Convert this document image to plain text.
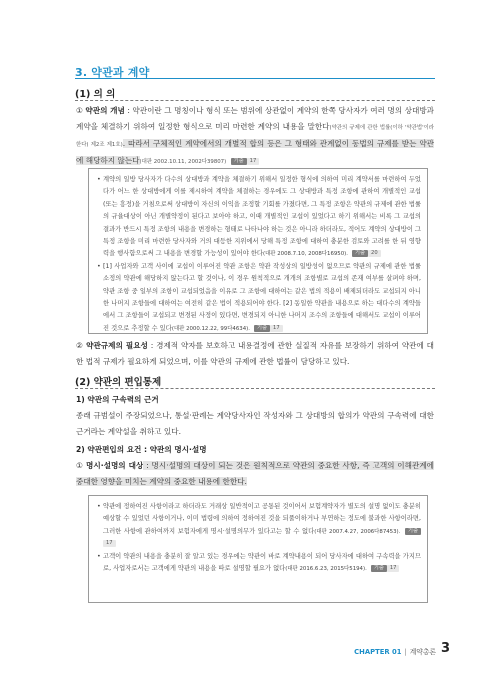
3. 약관과 계약
(1) 의 의
① 약관의 개념 : 약관이란 그 명칭이나 형식 또는 범위에 상관없이 계약의 한쪽 당사자가 여러 명의 상대방과 계약을 체결하기 위하여 일정한 형식으로 미리 마련한 계약의 내용을 말한다(약관의 규제에 관한 법률(이하 '약관법'이라 한다) 제2조 제1호). 따라서 구체적인 계약에서의 개별적 합의 등은 그 형태와 관계없이 동법의 규제를 받는 약관에 해당하지 않는다(대판 2002.10.11, 2002다39807) 기출 17
• 계약의 일방 당사자가 다수의 상대방과 계약을 체결하기 위해서 일정한 형식에 의하여 미리 계약서를 마련하여 두었다가 어느 한 상대방에게 이를 제시하여 계약을 체결하는 경우에도 그 상대방과 특정 조항에 관하여 개별적인 교섭(또는 흥정)을 거침으로써 상대방이 자신의 이익을 조정할 기회를 가졌다면, 그 특정 조항은 약관의 규제에 관한 법률의 규율대상이 아닌 개별약정이 된다고 보아야 하고, 이때 개별적인 교섭이 있었다고 하기 위해서는 비록 그 교섭의 결과가 반드시 특정 조항의 내용을 변경하는 형태로 나타나야 하는 것은 아니라 하더라도, 적어도 계약의 상대방이 그 특정 조항을 미리 마련한 당사자와 거의 대등한 지위에서 당해 특정 조항에 대하여 충분한 검토와 고려를 한 뒤 영향력을 행사함으로써 그 내용을 변경할 가능성이 있어야 한다(대판 2008.7.10, 2008다16950). 기출 20
• [1] 사업자와 고객 사이에 교섭이 이루어진 약관 조항은 약관 작성상의 일방성이 없으므로 약관의 규제에 관한 법률 소정의 약관에 해당하지 않는다고 할 것이나, 이 경우 원칙적으로 개개의 조항별로 교섭의 존재 여부를 살펴야 하며, 약관 조항 중 일부의 조항이 교섭되었음을 이유로 그 조항에 대하여는 같은 법의 적용이 배제되더라도 교섭되지 아니한 나머지 조항들에 대하여는 여전히 같은 법이 적용되어야 한다. [2] 동일한 약관을 내용으로 하는 대다수의 계약들에서 그 조항들이 교섭되고 변경된 사정이 있다면, 변경되지 아니한 나머지 조수의 조항들에 대해서도 교섭이 이루어진 것으로 추정할 수 있다(대판 2000.12.22, 99다4634). 기출 17
② 약관규제의 필요성 : 경제적 약자를 보호하고 내용결정에 관한 실질적 자유를 보장하기 위하여 약관에 대한 법적 규제가 필요하게 되었으며, 이를 약관의 규제에 관한 법률이 담당하고 있다.
(2) 약관의 편입통제
1) 약관의 구속력의 근거
종래 규범설이 주장되었으나, 통설·판례는 계약당사자인 작성자와 그 상대방의 합의가 약관의 구속력에 대한 근거라는 계약설을 취하고 있다.
2) 약관편입의 요건 : 약관의 명시·설명
① 명시·설명의 대상 : 명시·설명의 대상이 되는 것은 원칙적으로 약관의 중요한 사항, 즉 고객의 이해관계에 중대한 영향을 미치는 계약의 중요한 내용에 한한다.
• 약관에 정하여진 사항이라고 하더라도 거래상 일반적이고 공통된 것이어서 보험계약자가 별도의 설명 없이도 충분히 예상할 수 있었던 사항이거나, 이미 법령에 의하여 정하여진 것을 되풀이하거나 부연하는 정도에 불과한 사항이라면, 그러한 사항에 관하여까지 보험자에게 명시·설명의무가 있다고는 할 수 없다(대판 2007.4.27, 2006다87453). 기출17
• 고객이 약관의 내용을 충분히 잘 알고 있는 경우에는 약관이 바로 계약내용이 되어 당사자에 대하여 구속력을 가지므로, 사업자로서는 고객에게 약관의 내용을 따로 설명할 필요가 없다(대판 2016.6.23, 2015다5194). 기출 17
CHAPTER 01 | 계약총론 3
